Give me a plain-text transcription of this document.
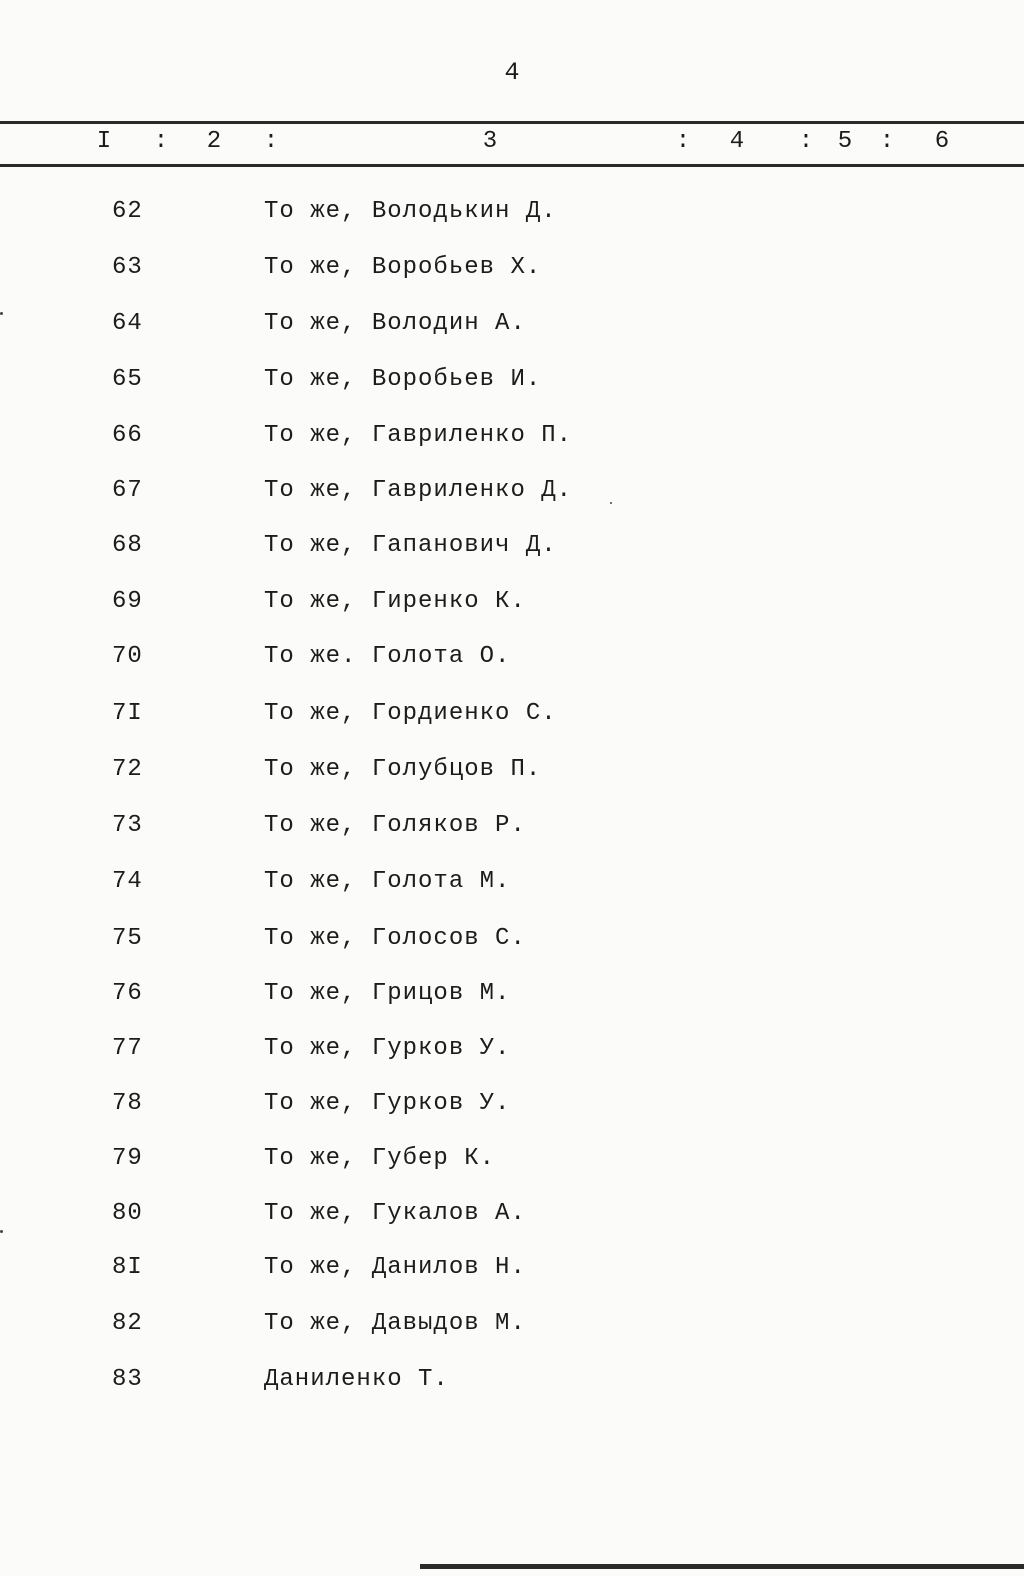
4
I : 2 :	3	: 4 : 5 : 6
62	То же, Володькин Д.
63	То же, Воробьев Х.
64	То же, Володин А.
65	То же, Воробьев И.
66	То же, Гавриленко П.
67	То же, Гавриленко Д.
68	То же, Гапанович Д.
69	То же, Гиренко К.
70	То же. Голота О.
7I	То же, Гордиенко С.
72	То же, Голубцов П.
73	То же, Голяков Р.
74	То же, Голота М.
75	То же, Голосов С.
76	То же, Грицов М.
77	То же, Гурков У.
78	То же, Гурков У.
79	То же, Губер К.
80	То же, Гукалов А.
8I	То же, Данилов Н.
82	То же, Давыдов М.
83	Даниленко Т.
